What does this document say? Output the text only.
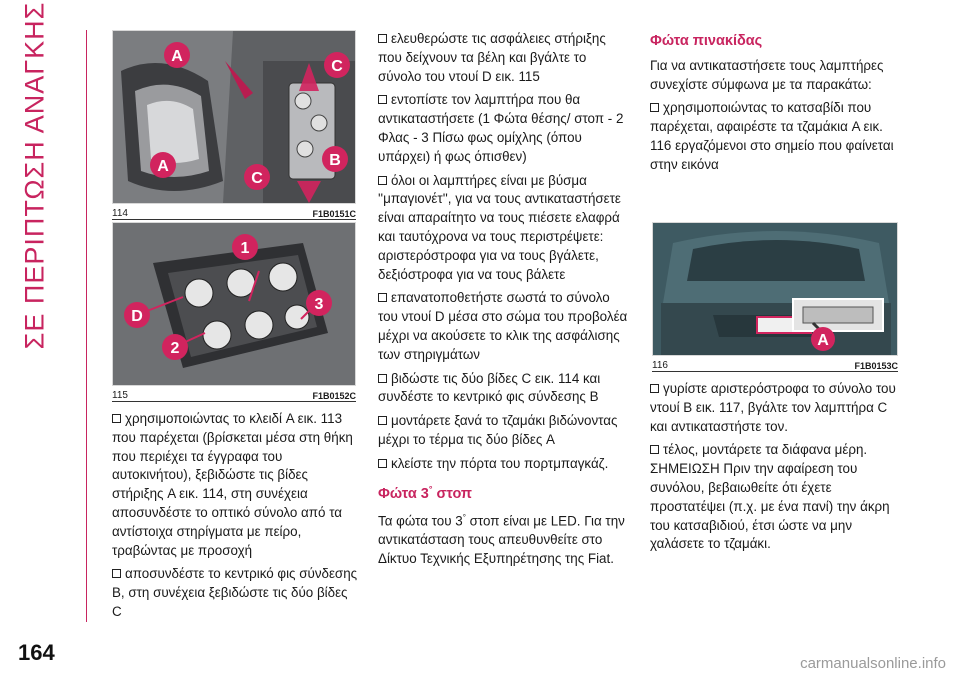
ΣΕ ΠΕΡΙΠΤΩΣΗ ΑΝΑΓΚΗΣ
164
A
C
A
C
B
114	F1B0151C
1
D
3
2
115	F1B0152C

χρησιμοποιώντας το κλειδί A εικ. 113 που παρέχεται (βρίσκεται μέσα στη θήκη που περιέχει τα έγγραφα του αυτοκινήτου), ξεβιδώστε τις βίδες στήριξης A εικ. 114, στη συνέχεια αποσυνδέστε το οπτικό σύνολο από τα αντίστοιχα στηρίγματα με πείρο, τραβώντας με προσοχή

αποσυνδέστε το κεντρικό φις σύνδεσης B, στη συνέχεια ξεβιδώστε τις δύο βίδες C

ελευθερώστε τις ασφάλειες στήριξης που δείχνουν τα βέλη και βγάλτε το σύνολο του ντουί D εικ. 115

εντοπίστε τον λαμπτήρα που θα αντικαταστήσετε (1 Φώτα θέσης/ στοπ - 2 Φλας - 3 Πίσω φως ομίχλης (όπου υπάρχει) ή φως όπισθεν)

όλοι οι λαμπτήρες είναι με βύσμα ''μπαγιονέτ'', για να τους αντικαταστήσετε είναι απαραίτητο να τους πιέσετε ελαφρά και ταυτόχρονα να τους περιστρέψετε: αριστερόστροφα για να τους βγάλετε, δεξιόστροφα για να τους βάλετε

επανατοποθετήστε σωστά το σύνολο του ντουί D μέσα στο σώμα του προβολέα μέχρι να ακούσετε το κλικ της ασφάλισης των στηριγμάτων

βιδώστε τις δύο βίδες C εικ. 114 και συνδέστε το κεντρικό φις σύνδεσης B

μοντάρετε ξανά το τζαμάκι βιδώνοντας μέχρι το τέρμα τις δύο βίδες A

κλείστε την πόρτα του πορτμπαγκάζ.

Φώτα 3° στοπ

Τα φώτα του 3° στοπ είναι με LED. Για την αντικατάσταση τους απευθυνθείτε στο Δίκτυο Τεχνικής Εξυπηρέτησης της Fiat.

Φώτα πινακίδας

Για να αντικαταστήσετε τους λαμπτήρες συνεχίστε σύμφωνα με τα παρακάτω:

χρησιμοποιώντας το κατσαβίδι που παρέχεται, αφαιρέστε τα τζαμάκια A εικ. 116 εργαζόμενοι στο σημείο που φαίνεται στην εικόνα

A
116	F1B0153C

γυρίστε αριστερόστροφα το σύνολο του ντουί B εικ. 117, βγάλτε τον λαμπτήρα C και αντικαταστήστε τον.

τέλος, μοντάρετε τα διάφανα μέρη. ΣΗΜΕΙΩΣΗ Πριν την αφαίρεση του συνόλου, βεβαιωθείτε ότι έχετε προστατέψει (π.χ. με ένα πανί) την άκρη του κατσαβιδιού, έτσι ώστε να μην χαλάσετε το τζαμάκι.

carmanualsonline.info
